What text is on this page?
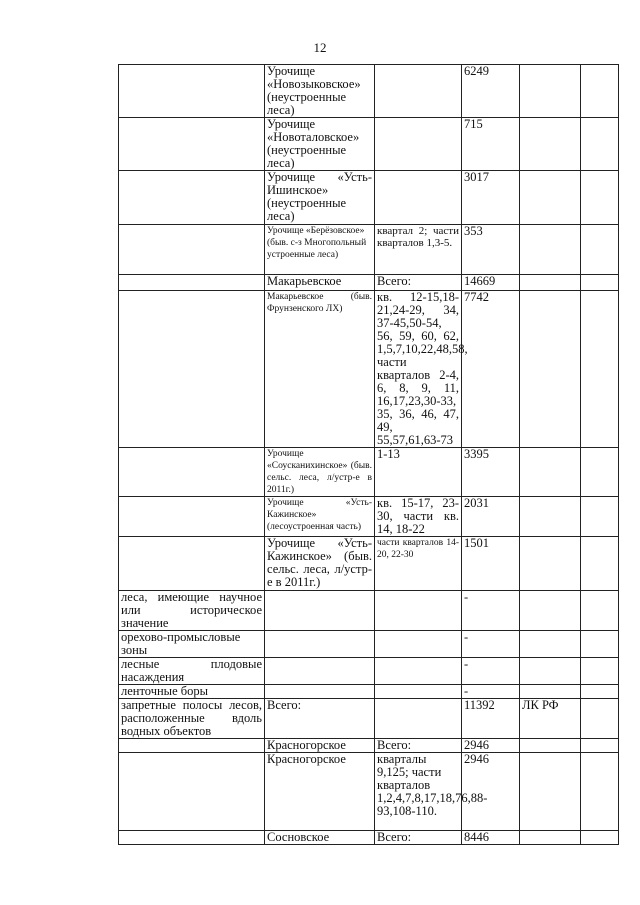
12
	Урочище «Новозыковское» (неустроенные леса)		6249		
	Урочище «Новоталовское» (неустроенные леса)		715		
	Урочище «Усть-Ишинское» (неустроенные леса)		3017		
	Урочище «Берёзовское» (быв. с-з Многопольный устроенные леса)	квартал 2; части кварталов 1,3-5.	353		
	Макарьевское	Всего:	14669		
	Макарьевское (быв. Фрунзенского ЛХ)	кв. 12-15,18-21,24-29, 34, 37-45,50-54, 56, 59, 60, 62, 1,5,7,10,22,48,58, части кварталов 2-4, 6, 8, 9, 11, 16,17,23,30-33, 35, 36, 46, 47, 49, 55,57,61,63-73	7742		
	Урочище «Соусканихинское» (быв. сельс. леса, л/устр-е в 2011г.)	1-13	3395		
	Урочище «Усть-Кажинское» (лесоустроенная часть)	кв. 15-17, 23-30, части кв. 14, 18-22	2031		
	Урочище «Усть-Кажинское» (быв. сельс. леса, л/устр-е в 2011г.)	части кварталов 14-20, 22-30	1501		
леса, имеющие научное или историческое значение			-		
орехово-промысловые зоны			-		
лесные плодовые насаждения			-		
ленточные боры			-		
запретные полосы лесов, расположенные вдоль водных объектов	Всего:		11392	ЛК РФ	
	Красногорское	Всего:	2946		
	Красногорское	кварталы 9,125; части кварталов 1,2,4,7,8,17,18,76,88-93,108-110.	2946		
	Сосновское	Всего:	8446		
